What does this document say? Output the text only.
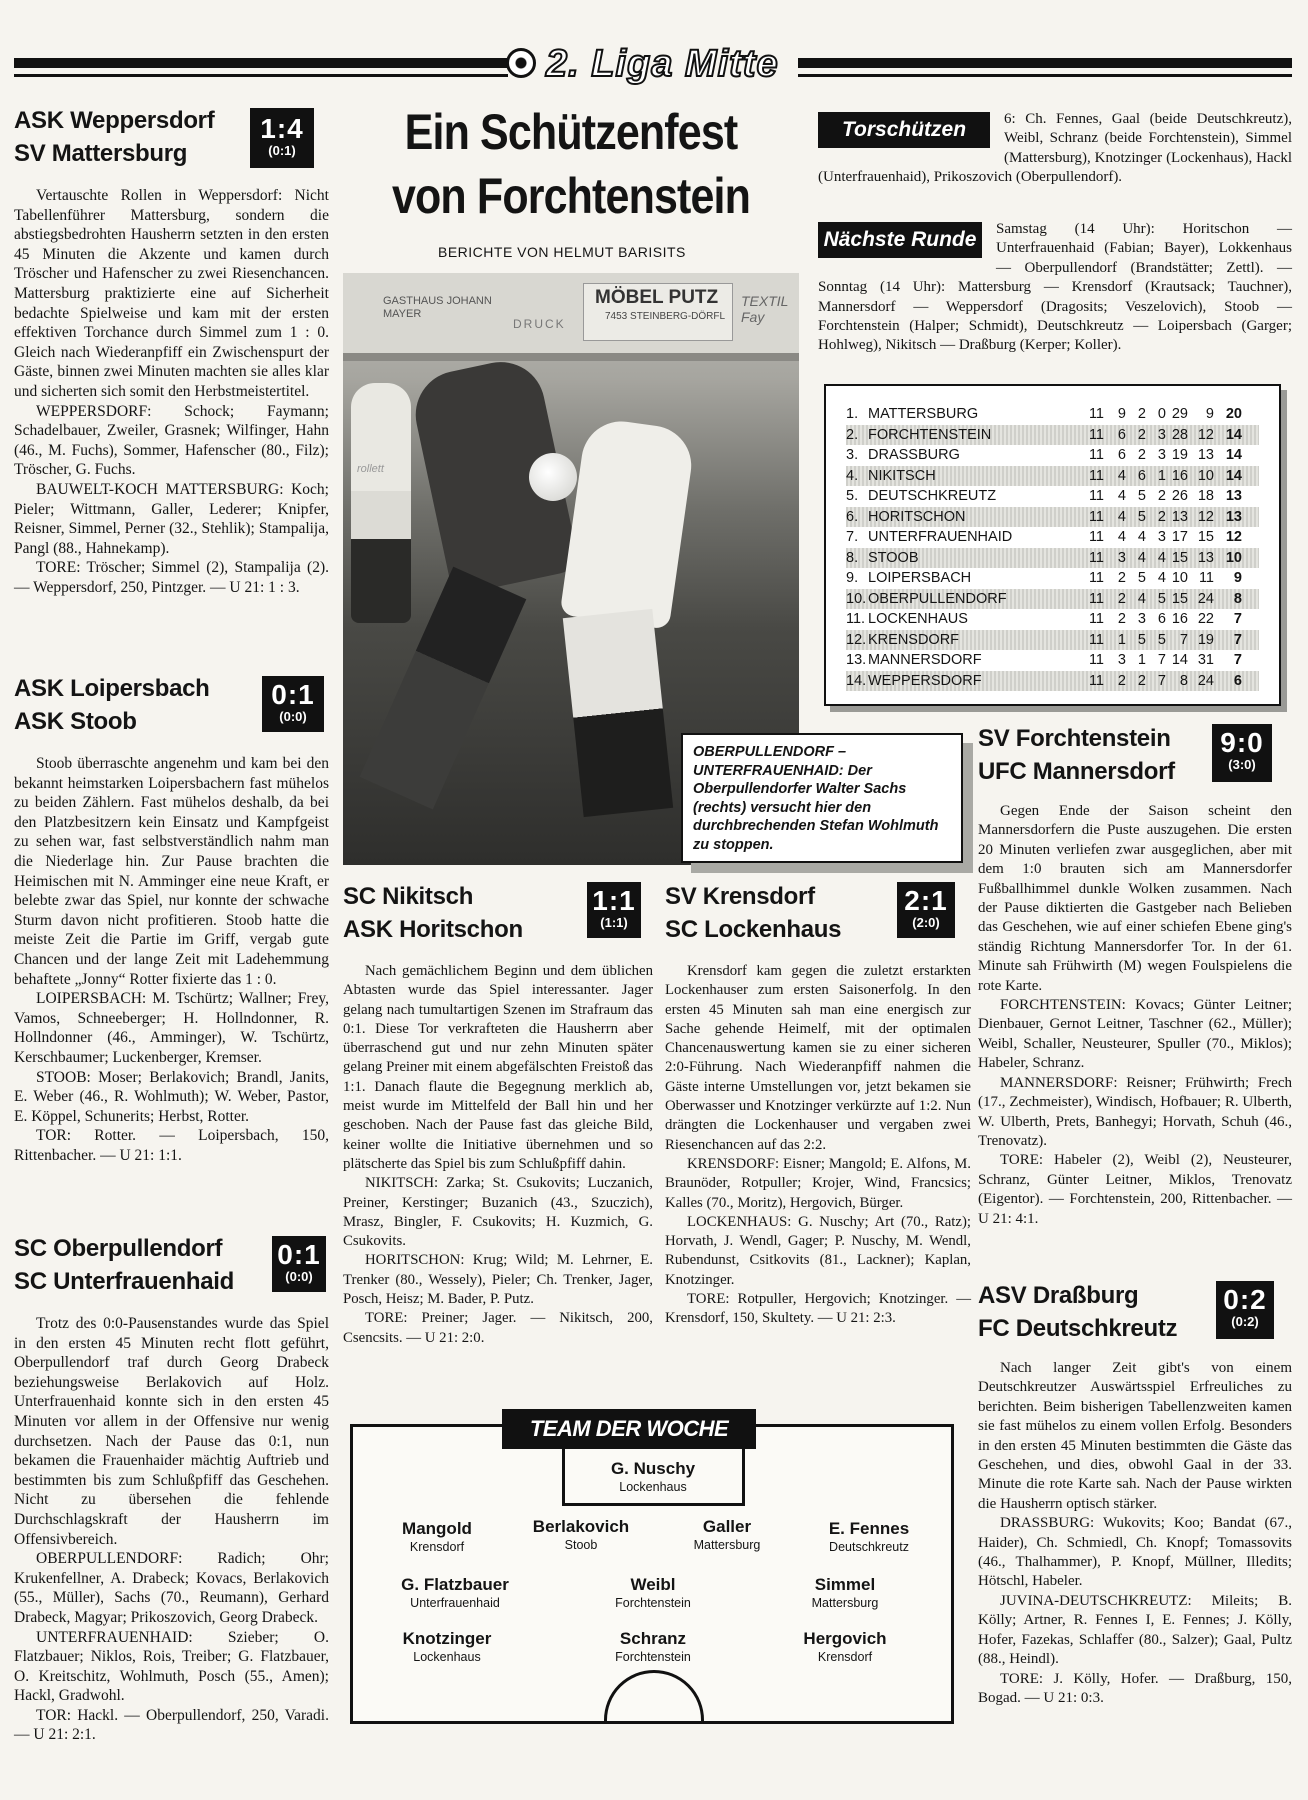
2. Liga Mitte
ASK Weppersdorf
SV Mattersburg
1:4
(0:1)

Vertauschte Rollen in Weppersdorf: Nicht Tabellenführer Mattersburg, sondern die abstiegsbedrohten Hausherrn setzten in den ersten 45 Minuten die Akzente und kamen durch Tröscher und Hafenscher zu zwei Riesenchancen. Mattersburg praktizierte eine auf Sicherheit bedachte Spielweise und kam mit der ersten effektiven Torchance durch Simmel zum 1 : 0. Gleich nach Wiederanpfiff ein Zwischenspurt der Gäste, binnen zwei Minuten machten sie alles klar und sicherten sich somit den Herbstmeistertitel.

WEPPERSDORF: Schock; Faymann; Schadelbauer, Zweiler, Grasnek; Wilfinger, Hahn (46., M. Fuchs), Sommer, Hafenscher (80., Filz); Tröscher, G. Fuchs.

BAUWELT-KOCH MATTERSBURG: Koch; Pieler; Wittmann, Galler, Lederer; Knipfer, Reisner, Simmel, Perner (32., Stehlik); Stampalija, Pangl (88., Hahnekamp).

TORE: Tröscher; Simmel (2), Stampalija (2). — Weppersdorf, 250, Pintzger. — U 21: 1 : 3.

ASK Loipersbach
ASK Stoob
0:1
(0:0)

Stoob überraschte angenehm und kam bei den bekannt heimstarken Loipersbachern fast mühelos zu beiden Zählern. Fast mühelos deshalb, da bei den Platzbesitzern kein Einsatz und Kampfgeist zu sehen war, fast selbstverständlich nahm man die Niederlage hin. Zur Pause brachten die Heimischen mit N. Amminger eine neue Kraft, er belebte zwar das Spiel, nur konnte der schwache Sturm davon nicht profitieren. Stoob hatte die meiste Zeit die Partie im Griff, vergab gute Chancen und der lange Zeit mit Ladehemmung behaftete „Jonny“ Rotter fixierte das 1 : 0.

LOIPERSBACH: M. Tschürtz; Wallner; Frey, Vamos, Schneeberger; H. Hollndonner, R. Hollndonner (46., Amminger), W. Tschürtz, Kerschbaumer; Luckenberger, Kremser.

STOOB: Moser; Berlakovich; Brandl, Janits, E. Weber (46., R. Wohlmuth); W. Weber, Pastor, E. Köppel, Schunerits; Herbst, Rotter.

TOR: Rotter. — Loipersbach, 150, Rittenbacher. — U 21: 1:1.

SC Oberpullendorf
SC Unterfrauenhaid
0:1
(0:0)

Trotz des 0:0-Pausenstandes wurde das Spiel in den ersten 45 Minuten recht flott geführt, Oberpullendorf traf durch Georg Drabeck beziehungsweise Berlakovich auf Holz. Unterfrauenhaid konnte sich in den ersten 45 Minuten vor allem in der Offensive nur wenig durchsetzen. Nach der Pause das 0:1, nun bekamen die Frauenhaider mächtig Auftrieb und bestimmten bis zum Schlußpfiff das Geschehen. Nicht zu übersehen die fehlende Durchschlagskraft der Hausherrn im Offensivbereich.

OBERPULLENDORF: Radich; Ohr; Krukenfellner, A. Drabeck; Kovacs, Berlakovich (55., Müller), Sachs (70., Reumann), Gerhard Drabeck, Magyar; Prikoszovich, Georg Drabeck.

UNTERFRAUENHAID: Szieber; O. Flatzbauer; Niklos, Rois, Treiber; G. Flatzbauer, O. Kreitschitz, Wohlmuth, Posch (55., Amen); Hackl, Gradwohl.

TOR: Hackl. — Oberpullendorf, 250, Varadi. — U 21: 2:1.

Ein Schützenfest
von Forchtenstein
BERICHTE VON HELMUT BARISITS
GASTHAUS JOHANN MAYER
MÖBEL PUTZ
7453 STEINBERG-DÖRFL
TEXTIL Fay
DRUCK
rollett
OBERPULLENDORF – UNTERFRAUENHAID: Der Oberpullendorfer Walter Sachs (rechts) versucht hier den durchbrechenden Stefan Wohlmuth zu stoppen.
SC Nikitsch
ASK Horitschon
1:1
(1:1)

Nach gemächlichem Beginn und dem üblichen Abtasten wurde das Spiel interessanter. Jager gelang nach tumultartigen Szenen im Strafraum das 0:1. Diese Tor verkrafteten die Hausherrn aber überraschend gut und nur zehn Minuten später gelang Preiner mit einem abgefälschten Freistoß das 1:1. Danach flaute die Begegnung merklich ab, meist wurde im Mittelfeld der Ball hin und her geschoben. Nach der Pause fast das gleiche Bild, keiner wollte die Initiative übernehmen und so plätscherte das Spiel bis zum Schlußpfiff dahin.

NIKITSCH: Zarka; St. Csukovits; Luczanich, Preiner, Kerstinger; Buzanich (43., Szuczich), Mrasz, Bingler, F. Csukovits; H. Kuzmich, G. Csukovits.

HORITSCHON: Krug; Wild; M. Lehrner, E. Trenker (80., Wessely), Pieler; Ch. Trenker, Jager, Posch, Heisz; M. Bader, P. Putz.

TORE: Preiner; Jager. — Nikitsch, 200, Csencsits. — U 21: 2:0.

SV Krensdorf
SC Lockenhaus
2:1
(2:0)

Krensdorf kam gegen die zuletzt erstarkten Lockenhauser zum ersten Saisonerfolg. In den ersten 45 Minuten sah man eine energisch zur Sache gehende Heimelf, mit der optimalen Chancenauswertung kamen sie zu einer sicheren 2:0-Führung. Nach Wiederanpfiff nahmen die Gäste interne Umstellungen vor, jetzt bekamen sie Oberwasser und Knotzinger verkürzte auf 1:2. Nun drängten die Lockenhauser und vergaben zwei Riesenchancen auf das 2:2.

KRENSDORF: Eisner; Mangold; E. Alfons, M. Braunöder, Rotpuller; Krojer, Wind, Francsics; Kalles (70., Moritz), Hergovich, Bürger.

LOCKENHAUS: G. Nuschy; Art (70., Ratz); Horvath, J. Wendl, Gager; P. Nuschy, M. Wendl, Rubendunst, Csitkovits (81., Lackner); Kaplan, Knotzinger.

TORE: Rotpuller, Hergovich; Knotzinger. — Krensdorf, 150, Skultety. — U 21: 2:3.

TEAM DER WOCHE
G. Nuschy
Lockenhaus
Mangold
Krensdorf
Berlakovich
Stoob
Galler
Mattersburg
E. Fennes
Deutschkreutz
G. Flatzbauer
Unterfrauenhaid
Weibl
Forchtenstein
Simmel
Mattersburg
Knotzinger
Lockenhaus
Schranz
Forchtenstein
Hergovich
Krensdorf
Torschützen	6: Ch. Fennes, Gaal (beide Deutschkreutz), Weibl, Schranz (beide Forchtenstein), Simmel (Mattersburg), Knotzinger (Lockenhaus), Hackl (Unterfrauenhaid), Prikoszovich (Oberpullendorf).
Nächste Runde	Samstag (14 Uhr): Horitschon — Unterfrauenhaid (Fabian; Bayer), Lokkenhaus — Oberpullendorf (Brandstätter; Zettl). — Sonntag (14 Uhr): Mattersburg — Krensdorf (Krautsack; Tauchner), Mannersdorf — Weppersdorf (Dragosits; Veszelovich), Stoob — Forchtenstein (Halper; Schmidt), Deutschkreutz — Loipersbach (Garger; Hohlweg), Nikitsch — Draßburg (Kerper; Koller).
1. MATTERSBURG	11 9 2 0 29	9 20
2. FORCHTENSTEIN	11 6 2 3 28 12 14
3. DRASSBURG	11 6 2 3 19 13 14
4. NIKITSCH	11 4 6 1 16 10 14
5. DEUTSCHKREUTZ	11 4 5 2 26 18 13
6. HORITSCHON	11 4 5 2 13 12 13
7. UNTERFRAUENHAID	11 4 4 3 17 15 12
8. STOOB	11 3 4 4 15 13 10
9. LOIPERSBACH	11 2 5 4 10 11	9
10. OBERPULLENDORF	11 2 4 5 15 24	8
11. LOCKENHAUS	11 2 3 6 16 22	7
12. KRENSDORF	11 1 5 5 7 19	7
13. MANNERSDORF	11 3 1 7 14 31	7
14. WEPPERSDORF	11 2 2 7 8 24	6
SV Forchtenstein
UFC Mannersdorf
9:0
(3:0)

Gegen Ende der Saison scheint den Mannersdorfern die Puste auszugehen. Die ersten 20 Minuten verliefen zwar ausgeglichen, aber mit dem 1:0 brauten sich am Mannersdorfer Fußballhimmel dunkle Wolken zusammen. Nach der Pause diktierten die Gastgeber nach Belieben das Geschehen, wie auf einer schiefen Ebene ging's ständig Richtung Mannersdorfer Tor. In der 61. Minute sah Frühwirth (M) wegen Foulspielens die rote Karte.

FORCHTENSTEIN: Kovacs; Günter Leitner; Dienbauer, Gernot Leitner, Taschner (62., Müller); Weibl, Schaller, Neusteurer, Spuller (70., Miklos); Habeler, Schranz.

MANNERSDORF: Reisner; Frühwirth; Frech (17., Zechmeister), Windisch, Hofbauer; R. Ulberth, W. Ulberth, Prets, Banhegyi; Horvath, Schuh (46., Trenovatz).

TORE: Habeler (2), Weibl (2), Neusteurer, Schranz, Günter Leitner, Miklos, Trenovatz (Eigentor). — Forchtenstein, 200, Rittenbacher. — U 21: 4:1.

ASV Draßburg
FC Deutschkreutz
0:2
(0:2)

Nach langer Zeit gibt's von einem Deutschkreutzer Auswärtsspiel Erfreuliches zu berichten. Beim bisherigen Tabellenzweiten kamen sie fast mühelos zu einem vollen Erfolg. Besonders in den ersten 45 Minuten bestimmten die Gäste das Geschehen, und dies, obwohl Gaal in der 33. Minute die rote Karte sah. Nach der Pause wirkten die Hausherrn optisch stärker.

DRASSBURG: Wukovits; Koo; Bandat (67., Haider), Ch. Schmiedl, Ch. Knopf; Tomassovits (46., Thalhammer), P. Knopf, Müllner, Illedits; Hötschl, Habeler.

JUVINA-DEUTSCHKREUTZ: Mileits; B. Kölly; Artner, R. Fennes I, E. Fennes; J. Kölly, Hofer, Fazekas, Schlaffer (80., Salzer); Gaal, Pultz (88., Heindl).

TORE: J. Kölly, Hofer. — Draßburg, 150, Bogad. — U 21: 0:3.
